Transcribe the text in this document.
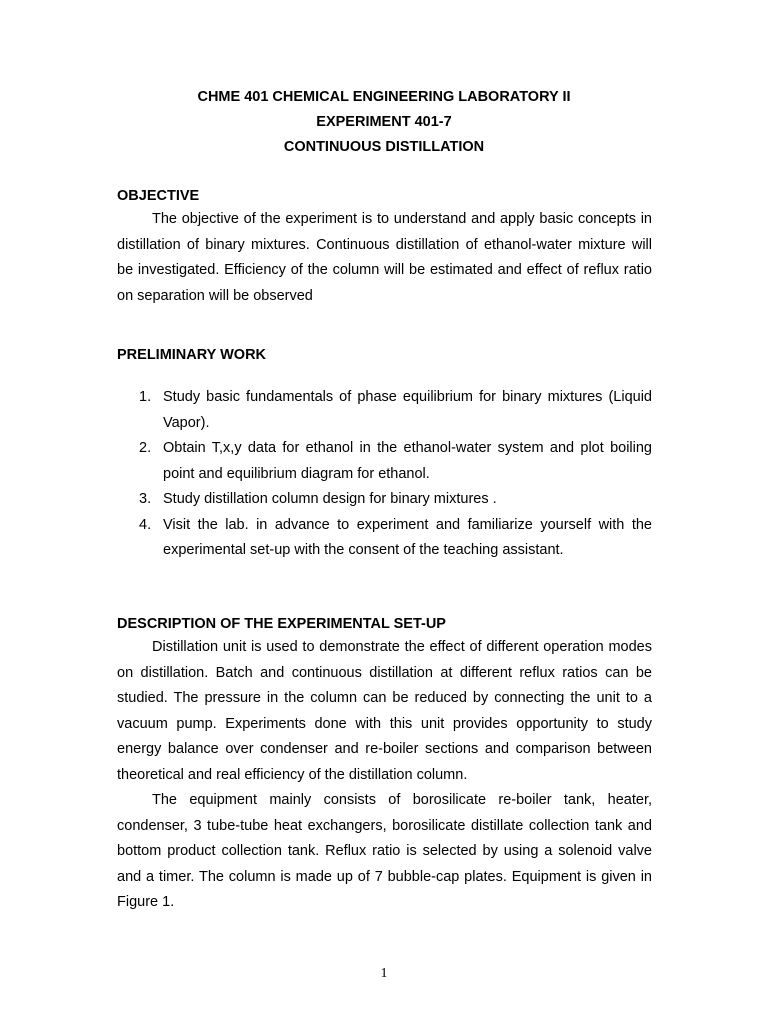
CHME 401 CHEMICAL ENGINEERING LABORATORY II
EXPERIMENT 401-7
CONTINUOUS DISTILLATION
OBJECTIVE

The objective of the experiment is to understand and apply basic concepts in distillation of binary mixtures. Continuous distillation of ethanol-water mixture will be investigated. Efficiency of the column will be estimated and effect of reflux ratio on separation will be observed

PRELIMINARY WORK
1. Study basic fundamentals of phase equilibrium for binary mixtures (Liquid Vapor).
2. Obtain T,x,y data for ethanol in the ethanol-water system and plot boiling point and equilibrium diagram for ethanol.
3. Study distillation column design for binary mixtures .
4. Visit the lab. in advance to experiment and familiarize yourself with the experimental set-up with the consent of the teaching assistant.
DESCRIPTION OF THE EXPERIMENTAL SET-UP

Distillation unit is used to demonstrate the effect of different operation modes on distillation. Batch and continuous distillation at different reflux ratios can be studied. The pressure in the column can be reduced by connecting the unit to a vacuum pump. Experiments done with this unit provides opportunity to study energy balance over condenser and re-boiler sections and comparison between theoretical and real efficiency of the distillation column.

The equipment mainly consists of borosilicate re-boiler tank, heater, condenser, 3 tube-tube heat exchangers, borosilicate distillate collection tank and bottom product collection tank. Reflux ratio is selected by using a solenoid valve and a timer. The column is made up of 7 bubble-cap plates. Equipment is given in Figure 1.

1
